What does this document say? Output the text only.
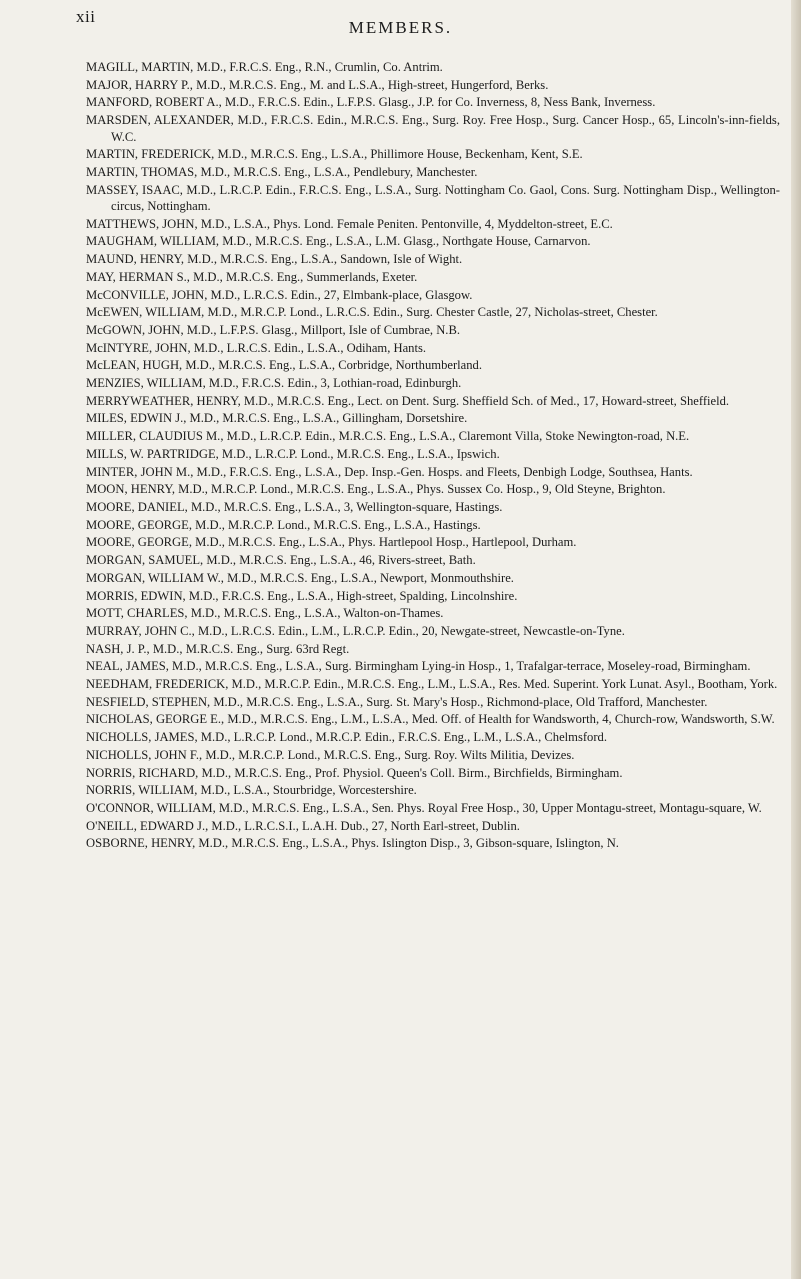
xii
MEMBERS.

MAGILL, MARTIN, M.D., F.R.C.S. Eng., R.N., Crumlin, Co. Antrim.

MAJOR, HARRY P., M.D., M.R.C.S. Eng., M. and L.S.A., High-street, Hungerford, Berks.

MANFORD, ROBERT A., M.D., F.R.C.S. Edin., L.F.P.S. Glasg., J.P. for Co. Inverness, 8, Ness Bank, Inverness.

MARSDEN, ALEXANDER, M.D., F.R.C.S. Edin., M.R.C.S. Eng., Surg. Roy. Free Hosp., Surg. Cancer Hosp., 65, Lincoln's-inn-fields, W.C.

MARTIN, FREDERICK, M.D., M.R.C.S. Eng., L.S.A., Phillimore House, Beckenham, Kent, S.E.

MARTIN, THOMAS, M.D., M.R.C.S. Eng., L.S.A., Pendlebury, Manchester.

MASSEY, ISAAC, M.D., L.R.C.P. Edin., F.R.C.S. Eng., L.S.A., Surg. Nottingham Co. Gaol, Cons. Surg. Nottingham Disp., Wellington-circus, Nottingham.

MATTHEWS, JOHN, M.D., L.S.A., Phys. Lond. Female Peniten. Pentonville, 4, Myddelton-street, E.C.

MAUGHAM, WILLIAM, M.D., M.R.C.S. Eng., L.S.A., L.M. Glasg., Northgate House, Carnarvon.

MAUND, HENRY, M.D., M.R.C.S. Eng., L.S.A., Sandown, Isle of Wight.

MAY, HERMAN S., M.D., M.R.C.S. Eng., Summerlands, Exeter.

McCONVILLE, JOHN, M.D., L.R.C.S. Edin., 27, Elmbank-place, Glasgow.

McEWEN, WILLIAM, M.D., M.R.C.P. Lond., L.R.C.S. Edin., Surg. Chester Castle, 27, Nicholas-street, Chester.

McGOWN, JOHN, M.D., L.F.P.S. Glasg., Millport, Isle of Cumbrae, N.B.

McINTYRE, JOHN, M.D., L.R.C.S. Edin., L.S.A., Odiham, Hants.

McLEAN, HUGH, M.D., M.R.C.S. Eng., L.S.A., Corbridge, Northumberland.

MENZIES, WILLIAM, M.D., F.R.C.S. Edin., 3, Lothian-road, Edinburgh.

MERRYWEATHER, HENRY, M.D., M.R.C.S. Eng., Lect. on Dent. Surg. Sheffield Sch. of Med., 17, Howard-street, Sheffield.

MILES, EDWIN J., M.D., M.R.C.S. Eng., L.S.A., Gillingham, Dorsetshire.

MILLER, CLAUDIUS M., M.D., L.R.C.P. Edin., M.R.C.S. Eng., L.S.A., Claremont Villa, Stoke Newington-road, N.E.

MILLS, W. PARTRIDGE, M.D., L.R.C.P. Lond., M.R.C.S. Eng., L.S.A., Ipswich.

MINTER, JOHN M., M.D., F.R.C.S. Eng., L.S.A., Dep. Insp.-Gen. Hosps. and Fleets, Denbigh Lodge, Southsea, Hants.

MOON, HENRY, M.D., M.R.C.P. Lond., M.R.C.S. Eng., L.S.A., Phys. Sussex Co. Hosp., 9, Old Steyne, Brighton.

MOORE, DANIEL, M.D., M.R.C.S. Eng., L.S.A., 3, Wellington-square, Hastings.

MOORE, GEORGE, M.D., M.R.C.P. Lond., M.R.C.S. Eng., L.S.A., Hastings.

MOORE, GEORGE, M.D., M.R.C.S. Eng., L.S.A., Phys. Hartlepool Hosp., Hartlepool, Durham.

MORGAN, SAMUEL, M.D., M.R.C.S. Eng., L.S.A., 46, Rivers-street, Bath.

MORGAN, WILLIAM W., M.D., M.R.C.S. Eng., L.S.A., Newport, Monmouthshire.

MORRIS, EDWIN, M.D., F.R.C.S. Eng., L.S.A., High-street, Spalding, Lincolnshire.

MOTT, CHARLES, M.D., M.R.C.S. Eng., L.S.A., Walton-on-Thames.

MURRAY, JOHN C., M.D., L.R.C.S. Edin., L.M., L.R.C.P. Edin., 20, Newgate-street, Newcastle-on-Tyne.

NASH, J. P., M.D., M.R.C.S. Eng., Surg. 63rd Regt.

NEAL, JAMES, M.D., M.R.C.S. Eng., L.S.A., Surg. Birmingham Lying-in Hosp., 1, Trafalgar-terrace, Moseley-road, Birmingham.

NEEDHAM, FREDERICK, M.D., M.R.C.P. Edin., M.R.C.S. Eng., L.M., L.S.A., Res. Med. Superint. York Lunat. Asyl., Bootham, York.

NESFIELD, STEPHEN, M.D., M.R.C.S. Eng., L.S.A., Surg. St. Mary's Hosp., Richmond-place, Old Trafford, Manchester.

NICHOLAS, GEORGE E., M.D., M.R.C.S. Eng., L.M., L.S.A., Med. Off. of Health for Wandsworth, 4, Church-row, Wandsworth, S.W.

NICHOLLS, JAMES, M.D., L.R.C.P. Lond., M.R.C.P. Edin., F.R.C.S. Eng., L.M., L.S.A., Chelmsford.

NICHOLLS, JOHN F., M.D., M.R.C.P. Lond., M.R.C.S. Eng., Surg. Roy. Wilts Militia, Devizes.

NORRIS, RICHARD, M.D., M.R.C.S. Eng., Prof. Physiol. Queen's Coll. Birm., Birchfields, Birmingham.

NORRIS, WILLIAM, M.D., L.S.A., Stourbridge, Worcestershire.

O'CONNOR, WILLIAM, M.D., M.R.C.S. Eng., L.S.A., Sen. Phys. Royal Free Hosp., 30, Upper Montagu-street, Montagu-square, W.

O'NEILL, EDWARD J., M.D., L.R.C.S.I., L.A.H. Dub., 27, North Earl-street, Dublin.

OSBORNE, HENRY, M.D., M.R.C.S. Eng., L.S.A., Phys. Islington Disp., 3, Gibson-square, Islington, N.
